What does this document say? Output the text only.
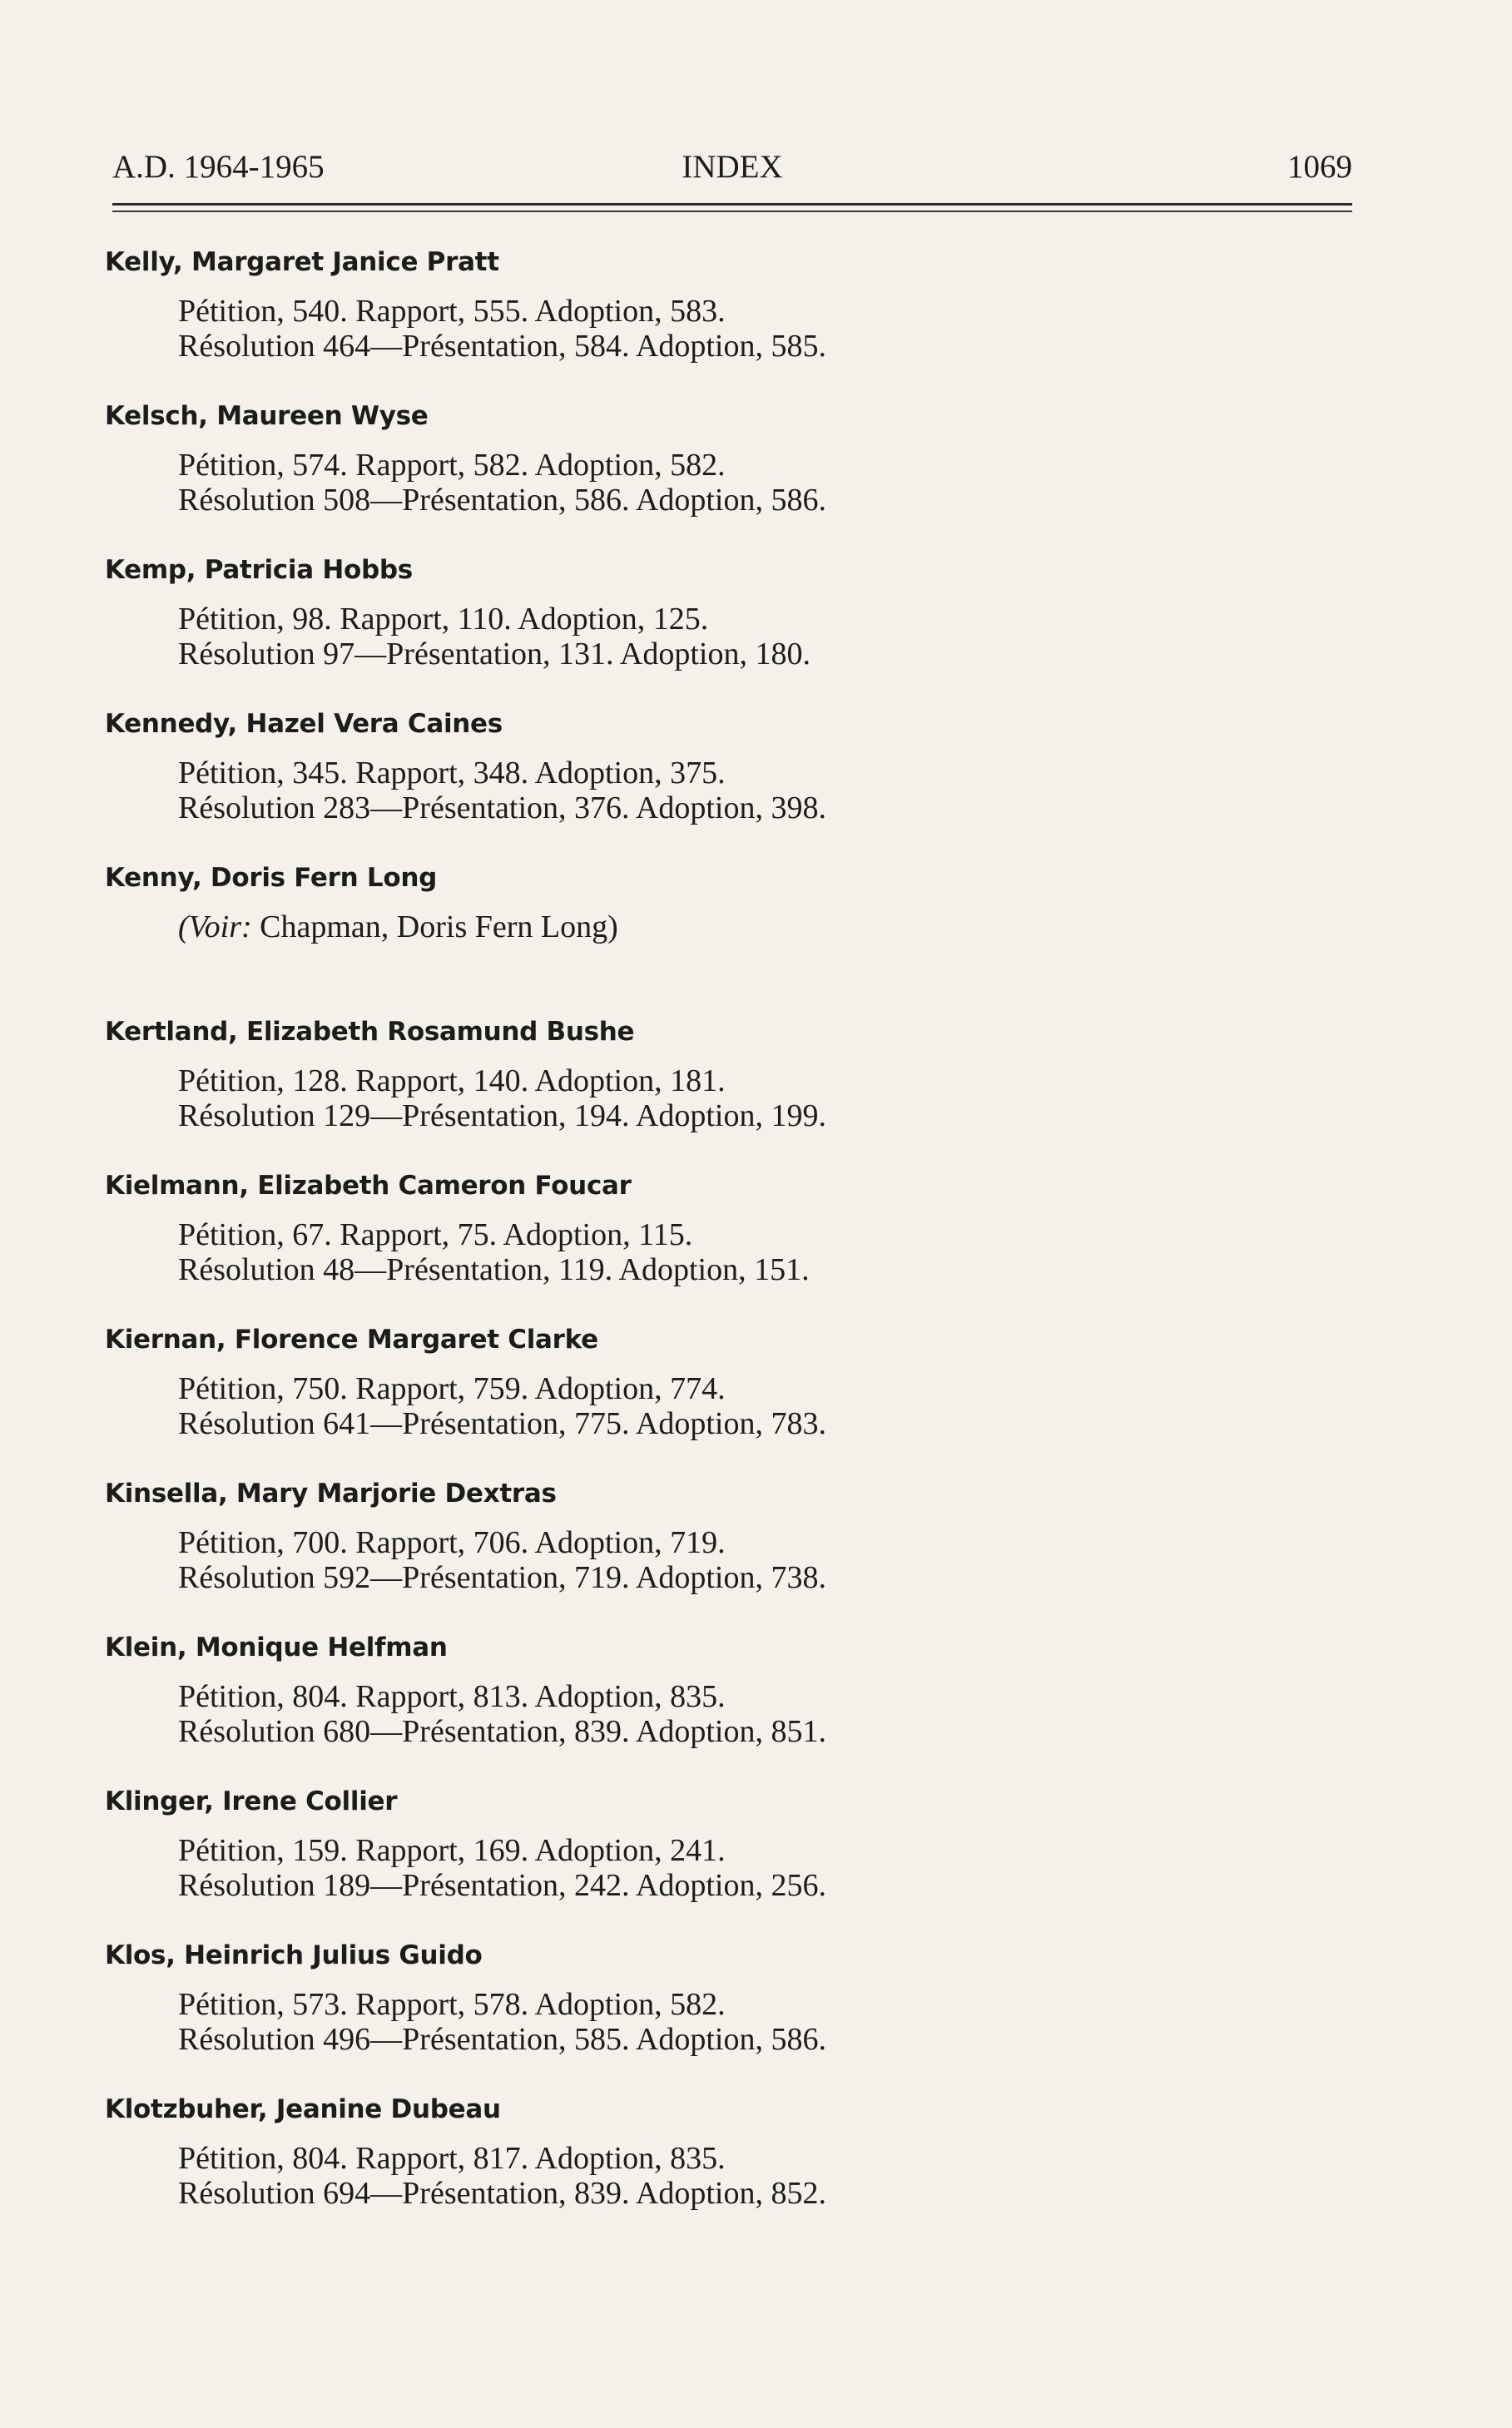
A.D. 1964-1965	INDEX	1069
Kelly, Margaret Janice Pratt
Pétition, 540. Rapport, 555. Adoption, 583.
Résolution 464—Présentation, 584. Adoption, 585.
Kelsch, Maureen Wyse
Pétition, 574. Rapport, 582. Adoption, 582.
Résolution 508—Présentation, 586. Adoption, 586.
Kemp, Patricia Hobbs
Pétition, 98. Rapport, 110. Adoption, 125.
Résolution 97—Présentation, 131. Adoption, 180.
Kennedy, Hazel Vera Caines
Pétition, 345. Rapport, 348. Adoption, 375.
Résolution 283—Présentation, 376. Adoption, 398.
Kenny, Doris Fern Long
(Voir: Chapman, Doris Fern Long)
Kertland, Elizabeth Rosamund Bushe
Pétition, 128. Rapport, 140. Adoption, 181.
Résolution 129—Présentation, 194. Adoption, 199.
Kielmann, Elizabeth Cameron Foucar
Pétition, 67. Rapport, 75. Adoption, 115.
Résolution 48—Présentation, 119. Adoption, 151.
Kiernan, Florence Margaret Clarke
Pétition, 750. Rapport, 759. Adoption, 774.
Résolution 641—Présentation, 775. Adoption, 783.
Kinsella, Mary Marjorie Dextras
Pétition, 700. Rapport, 706. Adoption, 719.
Résolution 592—Présentation, 719. Adoption, 738.
Klein, Monique Helfman
Pétition, 804. Rapport, 813. Adoption, 835.
Résolution 680—Présentation, 839. Adoption, 851.
Klinger, Irene Collier
Pétition, 159. Rapport, 169. Adoption, 241.
Résolution 189—Présentation, 242. Adoption, 256.
Klos, Heinrich Julius Guido
Pétition, 573. Rapport, 578. Adoption, 582.
Résolution 496—Présentation, 585. Adoption, 586.
Klotzbuher, Jeanine Dubeau
Pétition, 804. Rapport, 817. Adoption, 835.
Résolution 694—Présentation, 839. Adoption, 852.
